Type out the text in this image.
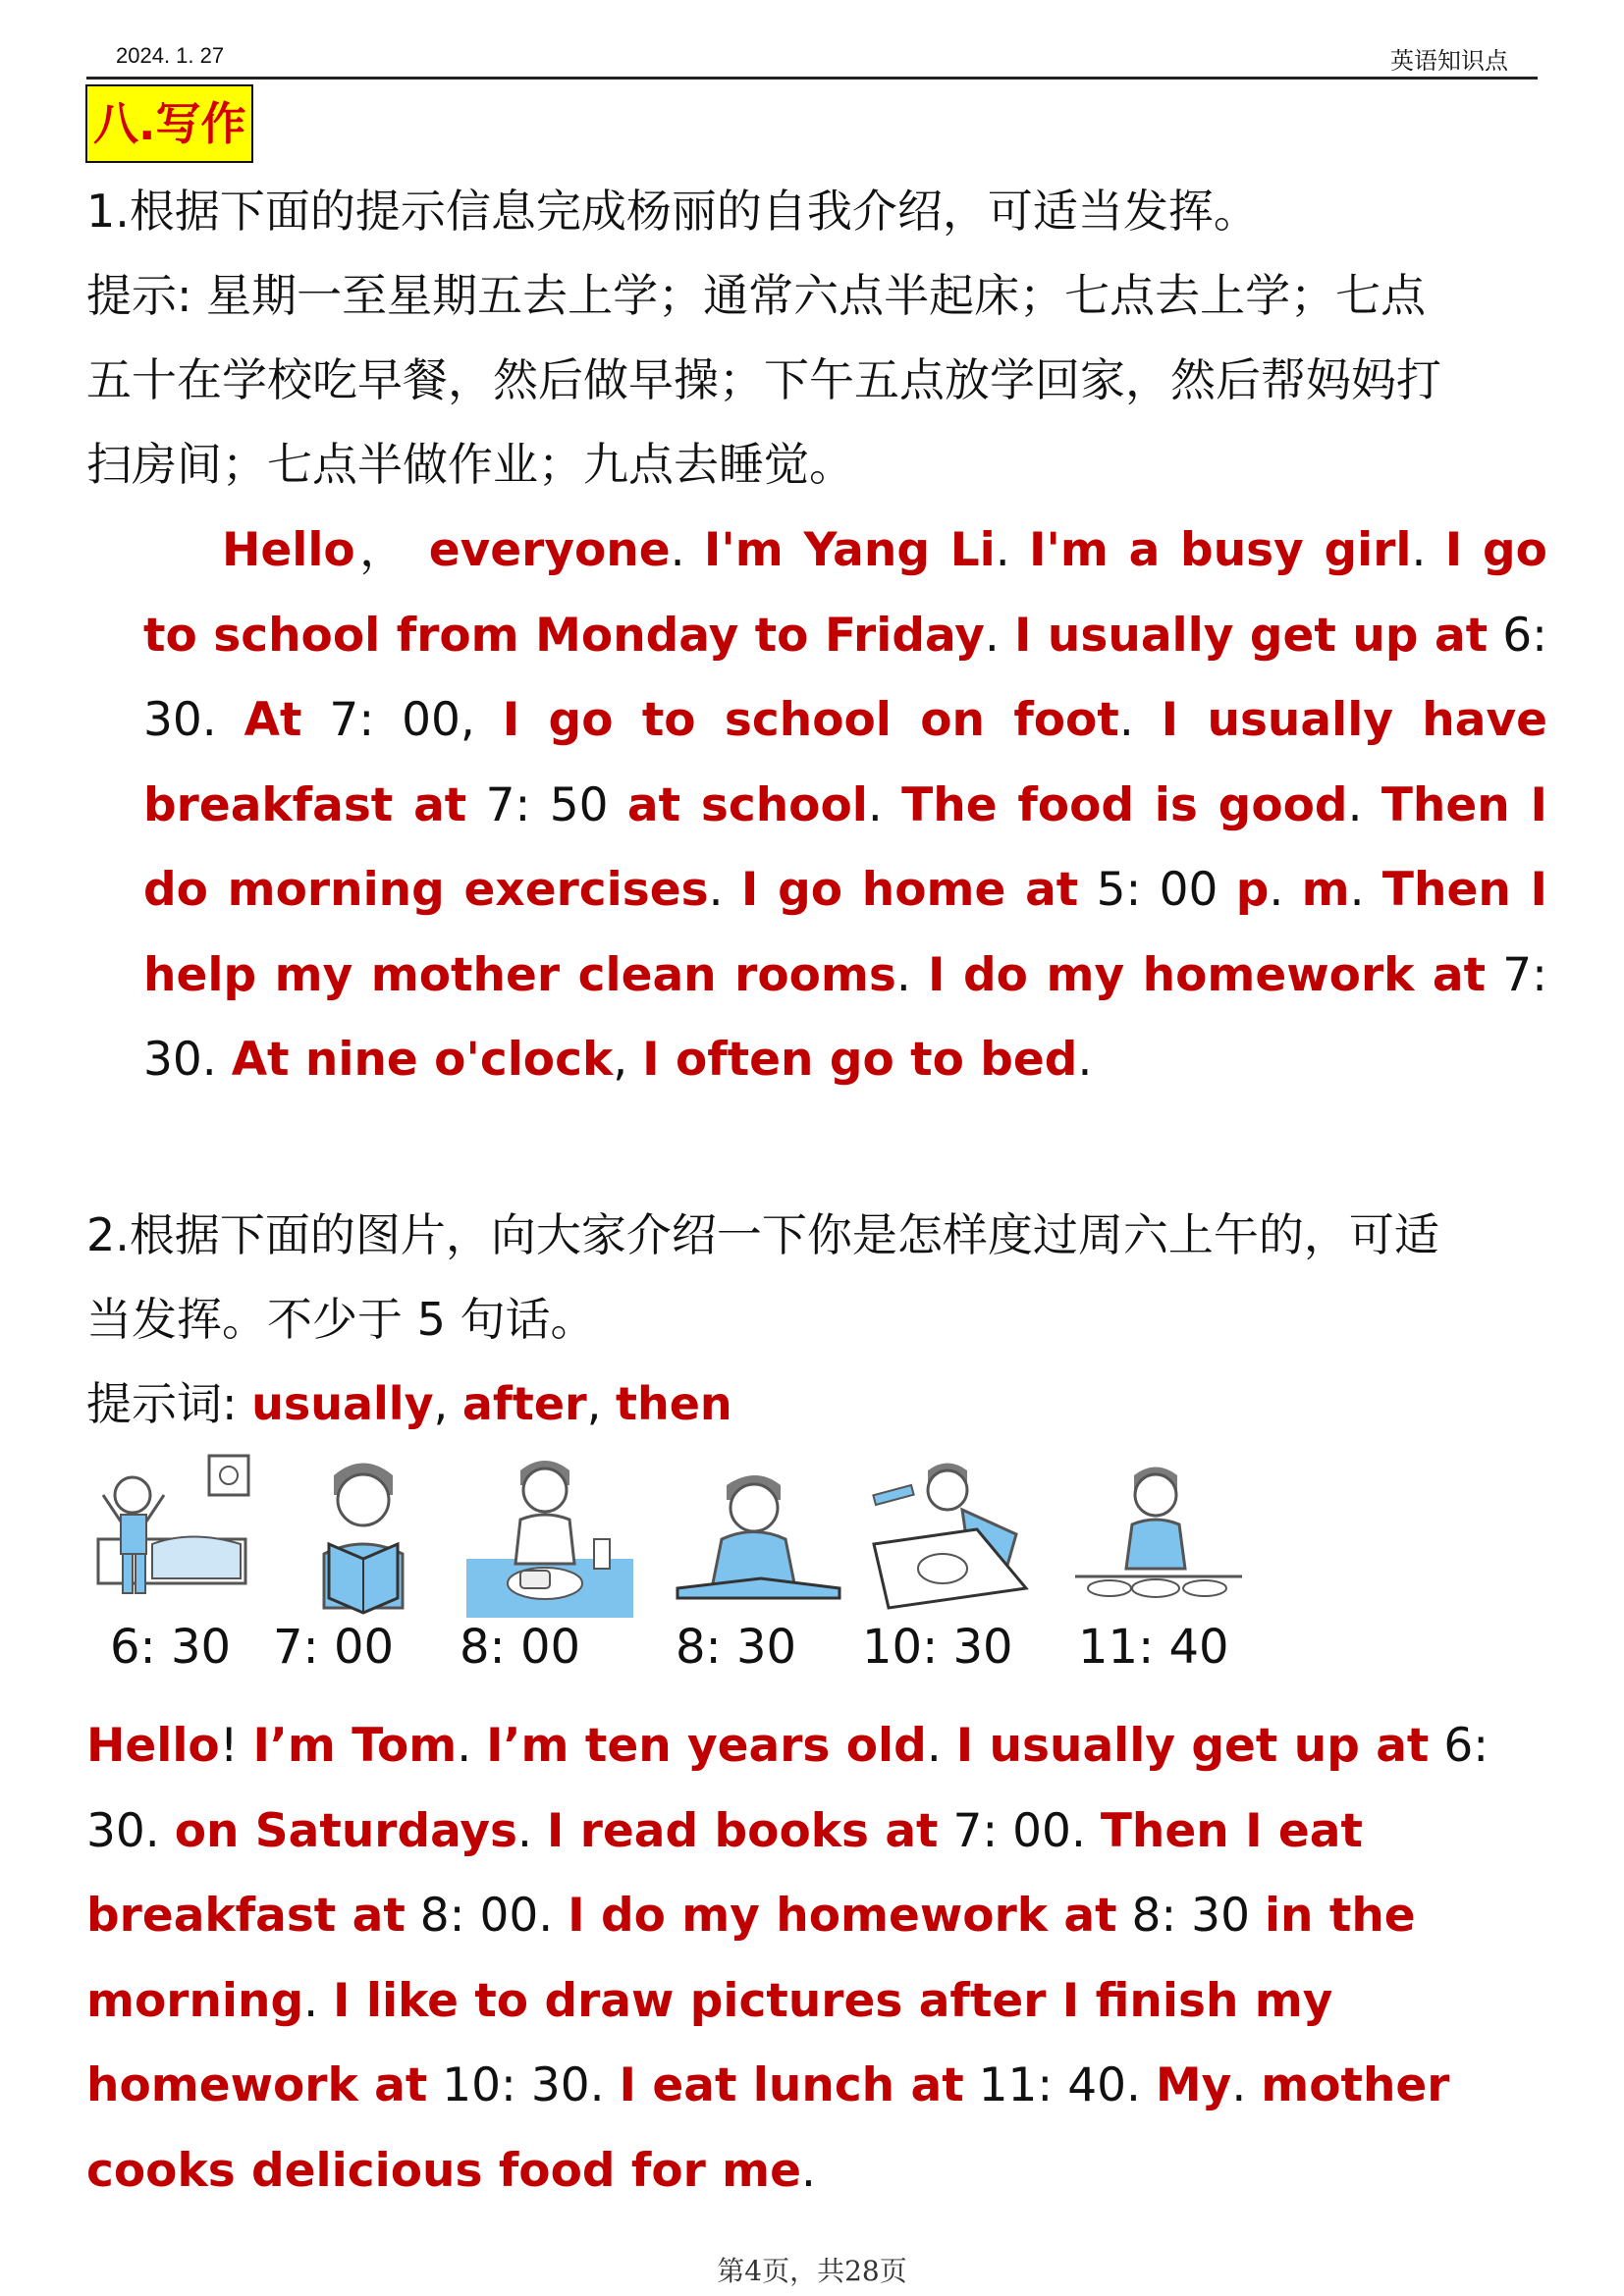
2024. 1. 27	英语知识点
八.写作
1.根据下面的提示信息完成杨丽的自我介绍，可适当发挥。
提示: 星期一至星期五去上学；通常六点半起床；七点去上学；七点
五十在学校吃早餐，然后做早操；下午五点放学回家，然后帮妈妈打
扫房间；七点半做作业；九点去睡觉。
Hello， everyone. I'm Yang Li. I'm a busy girl. I go to school from Monday to Friday. I usually get up at 6: 30. At 7: 00, I go to school on foot. I usually have breakfast at 7: 50 at school. The food is good. Then I do morning exercises. I go home at 5: 00 p. m. Then I help my mother clean rooms. I do my homework at 7: 30. At nine o'clock, I often go to bed.
2.根据下面的图片，向大家介绍一下你是怎样度过周六上午的，可适
当发挥。不少于 5 句话。
提示词: usually, after, then
6: 30 7: 00 8: 00 8: 30 10: 30 11: 40
Hello! I’m Tom. I’m ten years old. I usually get up at 6: 30. on Saturdays. I read books at 7: 00. Then I eat breakfast at 8: 00. I do my homework at 8: 30 in the morning. I like to draw pictures after I finish my homework at 10: 30. I eat lunch at 11: 40. My. mother cooks delicious food for me.
第4页，共28页
